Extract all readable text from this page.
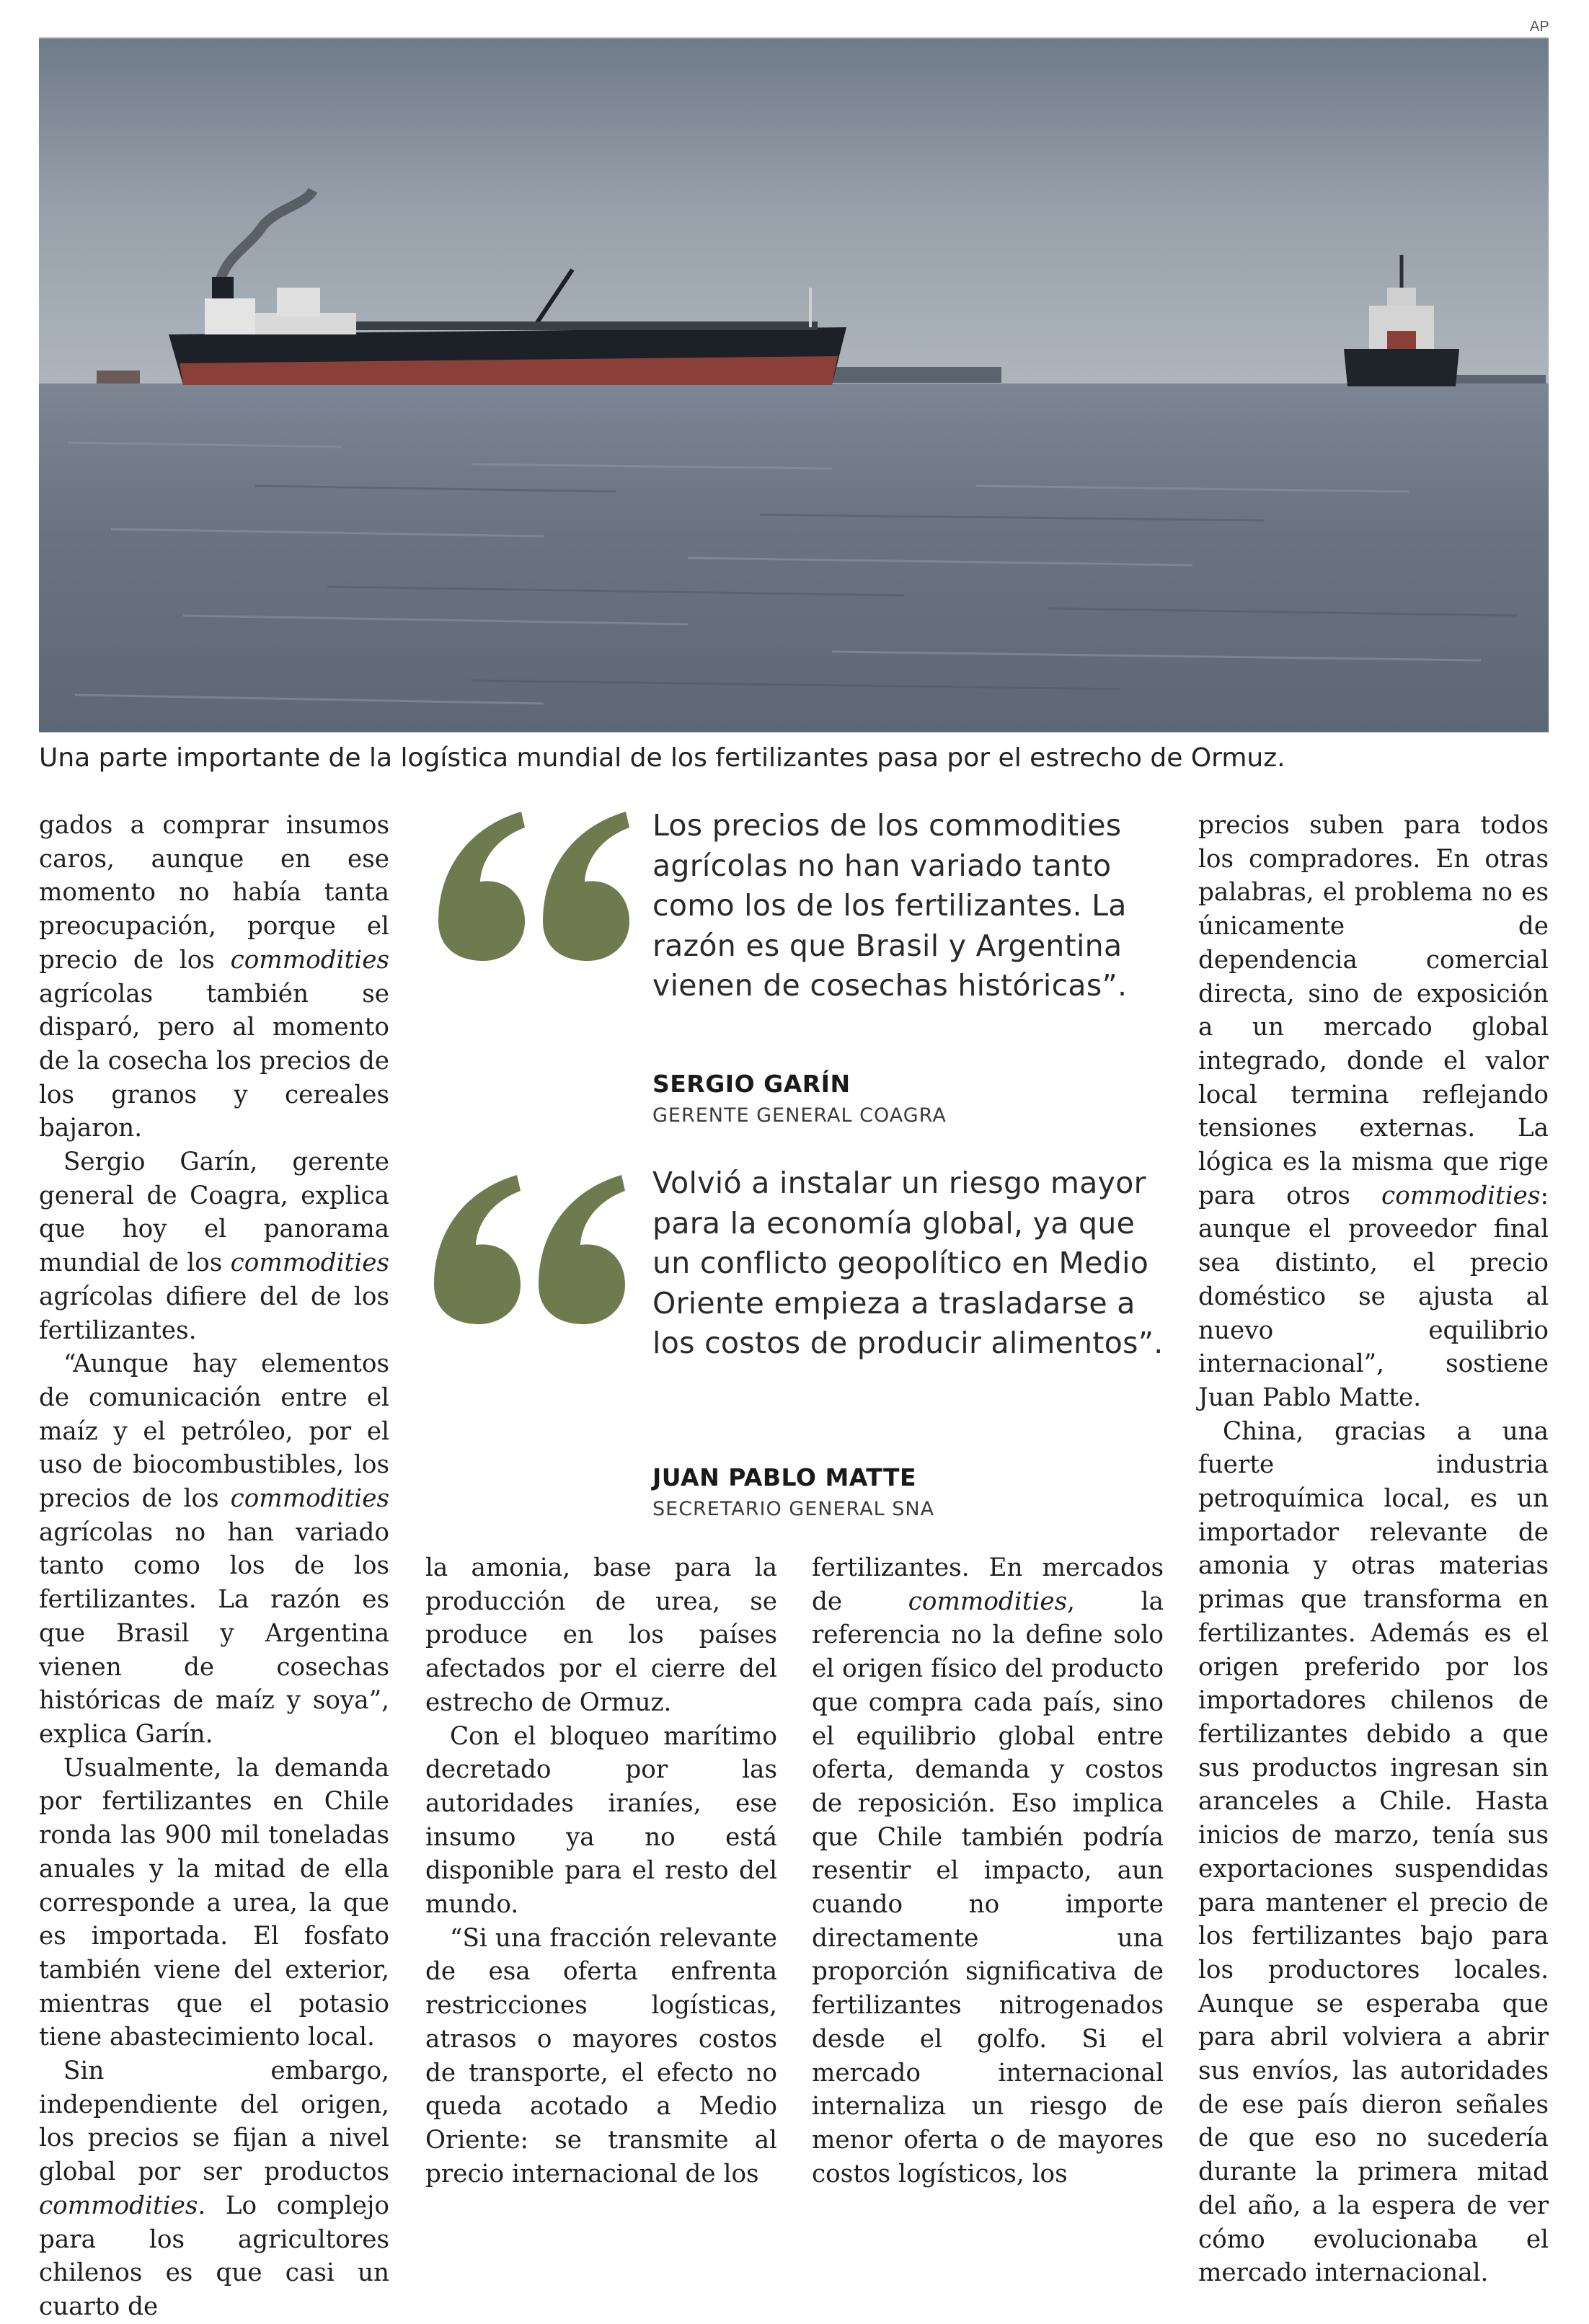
AP
Una parte importante de la logística mundial de los fertilizantes pasa por el estrecho de Ormuz.

gados a comprar insumos caros, aunque en ese momento no había tanta preocupación, porque el precio de los commodities agrícolas también se disparó, pero al momento de la cosecha los precios de los granos y cereales bajaron.

Sergio Garín, gerente general de Coagra, explica que hoy el panorama mundial de los commodities agrícolas difiere del de los fertilizantes.

“Aunque hay elementos de comunicación entre el maíz y el petróleo, por el uso de biocombustibles, los precios de los commodities agrícolas no han variado tanto como los de los fertilizantes. La razón es que Brasil y Argentina vienen de cosechas históricas de maíz y soya”, explica Garín.

Usualmente, la demanda por fertilizantes en Chile ronda las 900 mil toneladas anuales y la mitad de ella corresponde a urea, la que es importada. El fosfato también viene del exterior, mientras que el potasio tiene abastecimiento local.

Sin embargo, independiente del origen, los precios se fijan a nivel global por ser productos commodities. Lo complejo para los agricultores chilenos es que casi un cuarto de

Los precios de los commodities agrícolas no han variado tanto como los de los fertilizantes. La razón es que Brasil y Argentina vienen de cosechas históricas”.
SERGIO GARÍN
GERENTE GENERAL COAGRA
Volvió a instalar un riesgo mayor para la economía global, ya que un conflicto geopolítico en Medio Oriente empieza a trasladarse a los costos de producir alimentos”.
JUAN PABLO MATTE
SECRETARIO GENERAL SNA

la amonia, base para la producción de urea, se produce en los países afectados por el cierre del estrecho de Ormuz.

Con el bloqueo marítimo decretado por las autoridades iraníes, ese insumo ya no está disponible para el resto del mundo.

“Si una fracción relevante de esa oferta enfrenta restricciones logísticas, atrasos o mayores costos de transporte, el efecto no queda acotado a Medio Oriente: se transmite al precio internacional de los

fertilizantes. En mercados de commodities, la referencia no la define solo el origen físico del producto que compra cada país, sino el equilibrio global entre oferta, demanda y costos de reposición. Eso implica que Chile también podría resentir el impacto, aun cuando no importe directamente una proporción significativa de fertilizantes nitrogenados desde el golfo. Si el mercado internacional internaliza un riesgo de menor oferta o de mayores costos logísticos, los

precios suben para todos los compradores. En otras palabras, el problema no es únicamente de dependencia comercial directa, sino de exposición a un mercado global integrado, donde el valor local termina reflejando tensiones externas. La lógica es la misma que rige para otros commodities: aunque el proveedor final sea distinto, el precio doméstico se ajusta al nuevo equilibrio internacional”, sostiene Juan Pablo Matte.

China, gracias a una fuerte industria petroquímica local, es un importador relevante de amonia y otras materias primas que transforma en fertilizantes. Además es el origen preferido por los importadores chilenos de fertilizantes debido a que sus productos ingresan sin aranceles a Chile. Hasta inicios de marzo, tenía sus exportaciones suspendidas para mantener el precio de los fertilizantes bajo para los productores locales. Aunque se esperaba que para abril volviera a abrir sus envíos, las autoridades de ese país dieron señales de que eso no sucedería durante la primera mitad del año, a la espera de ver cómo evolucionaba el mercado internacional.
